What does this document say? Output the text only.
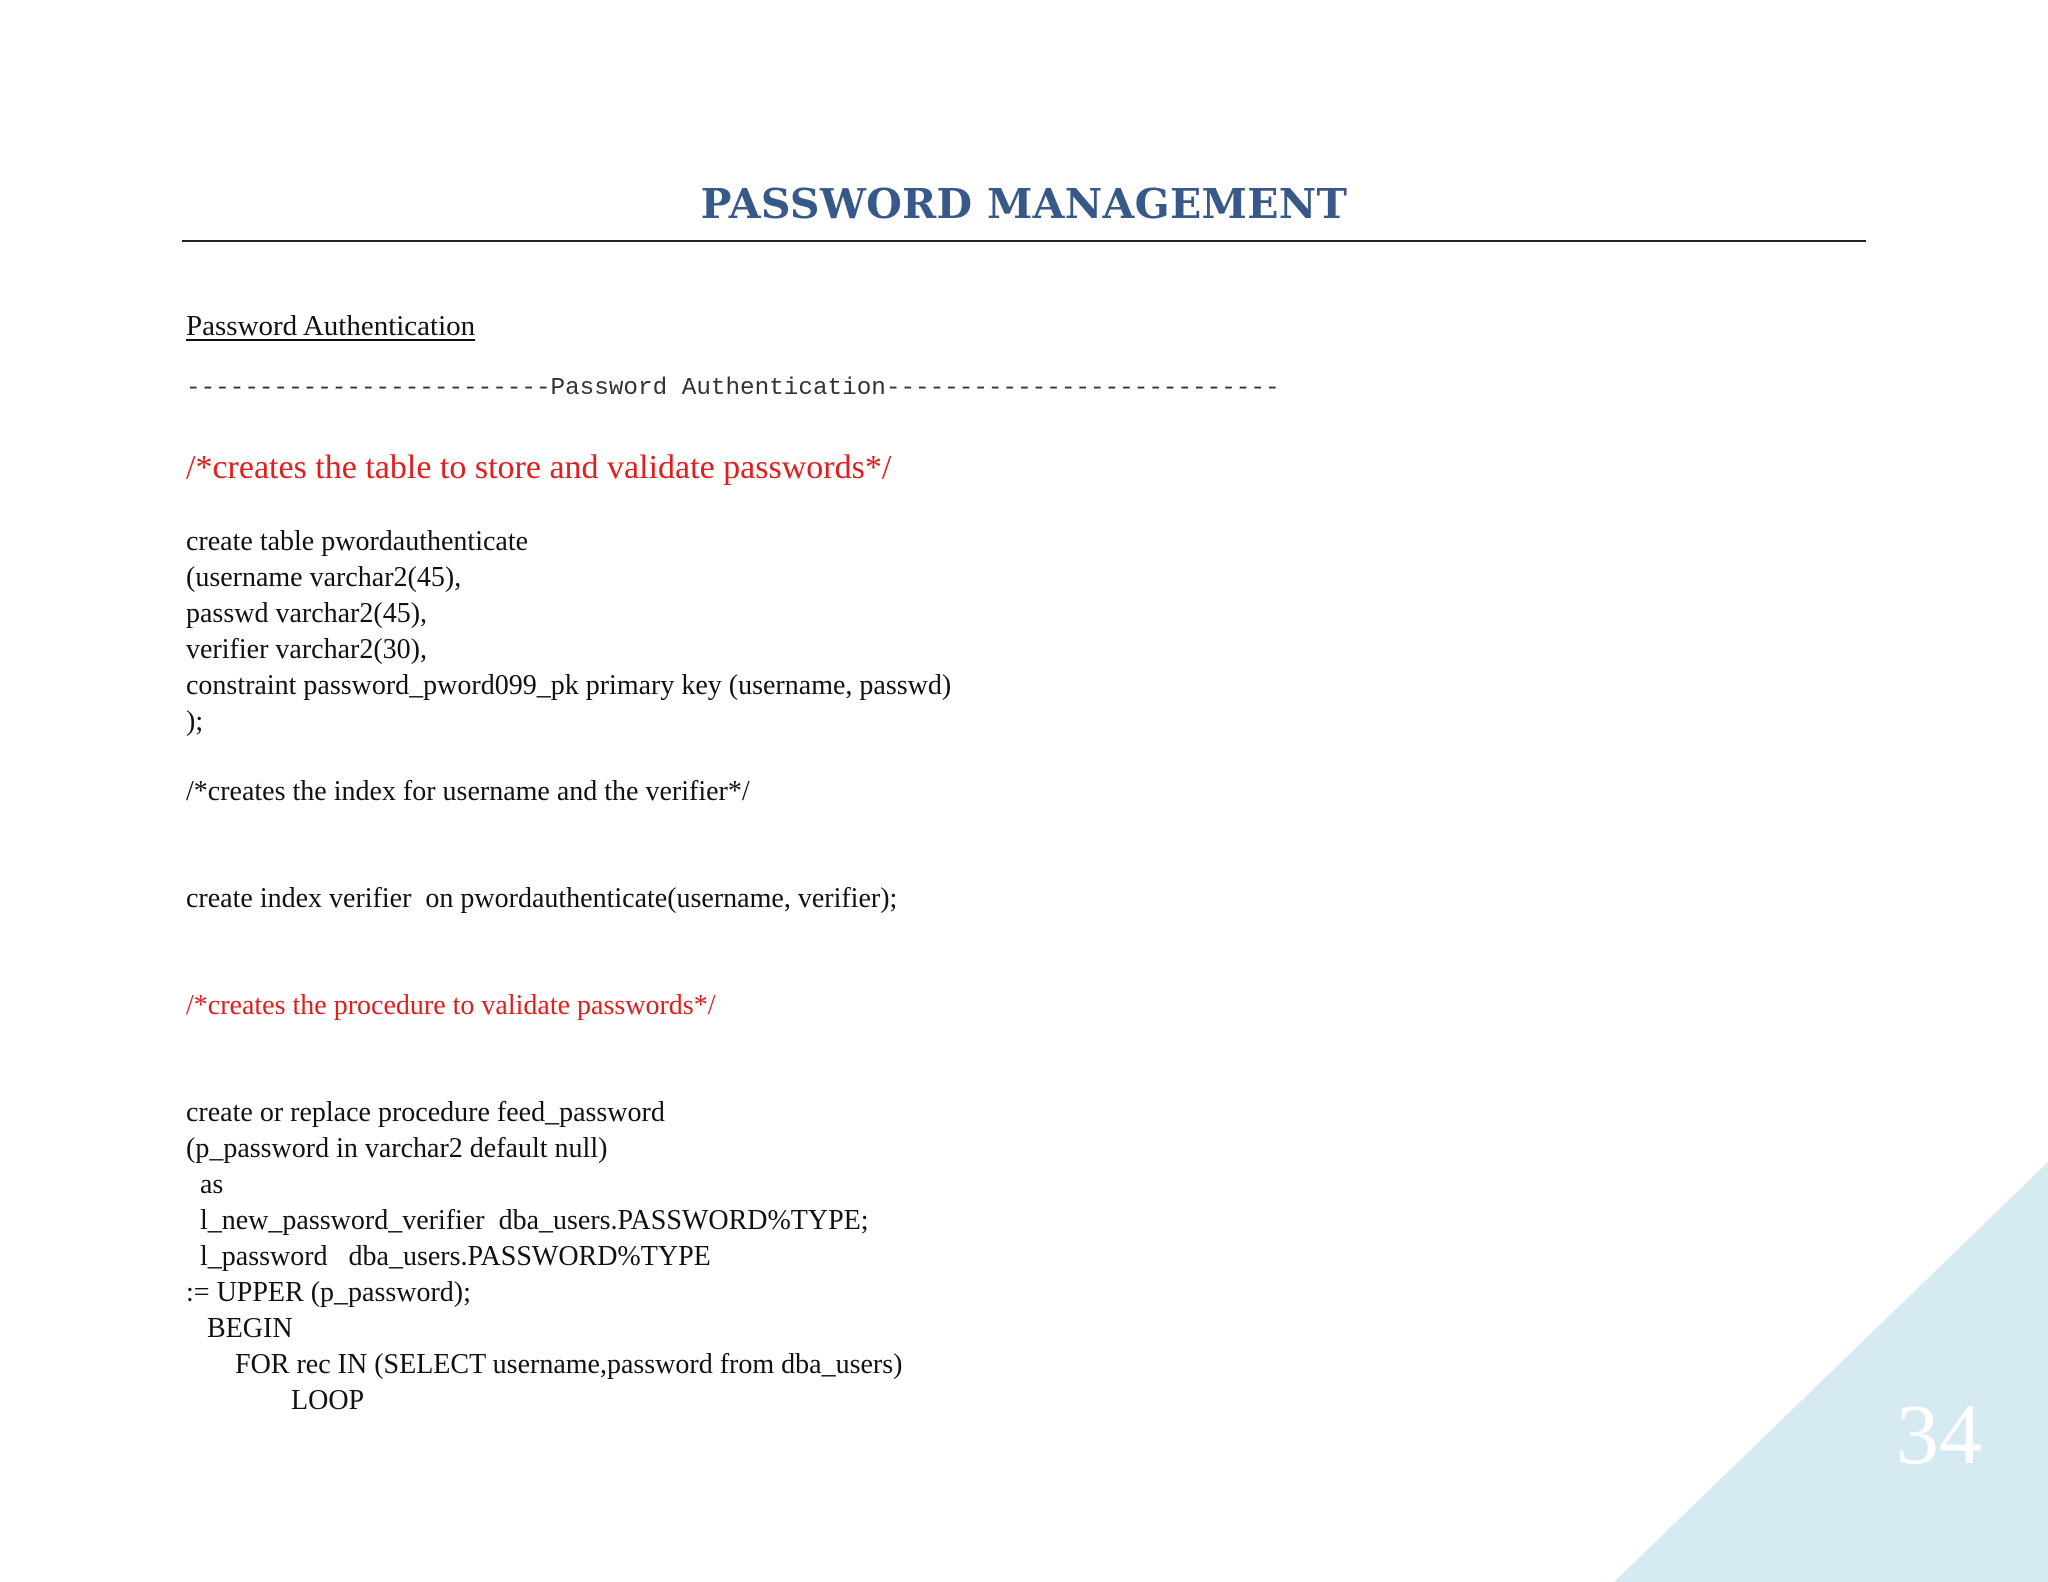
PASSWORD MANAGEMENT
Password Authentication
-------------------------Password Authentication---------------------------
/*creates the table to store and validate passwords*/
create table pwordauthenticate
(username varchar2(45),
passwd varchar2(45),
verifier varchar2(30),
constraint password_pword099_pk primary key (username, passwd)
);
/*creates the index for username and the verifier*/
create index verifier  on pwordauthenticate(username, verifier);
/*creates the procedure to validate passwords*/
create or replace procedure feed_password
(p_password in varchar2 default null)
as
l_new_password_verifier  dba_users.PASSWORD%TYPE;
l_password   dba_users.PASSWORD%TYPE
:= UPPER (p_password);
BEGIN
FOR rec IN (SELECT username,password from dba_users)
LOOP	34
